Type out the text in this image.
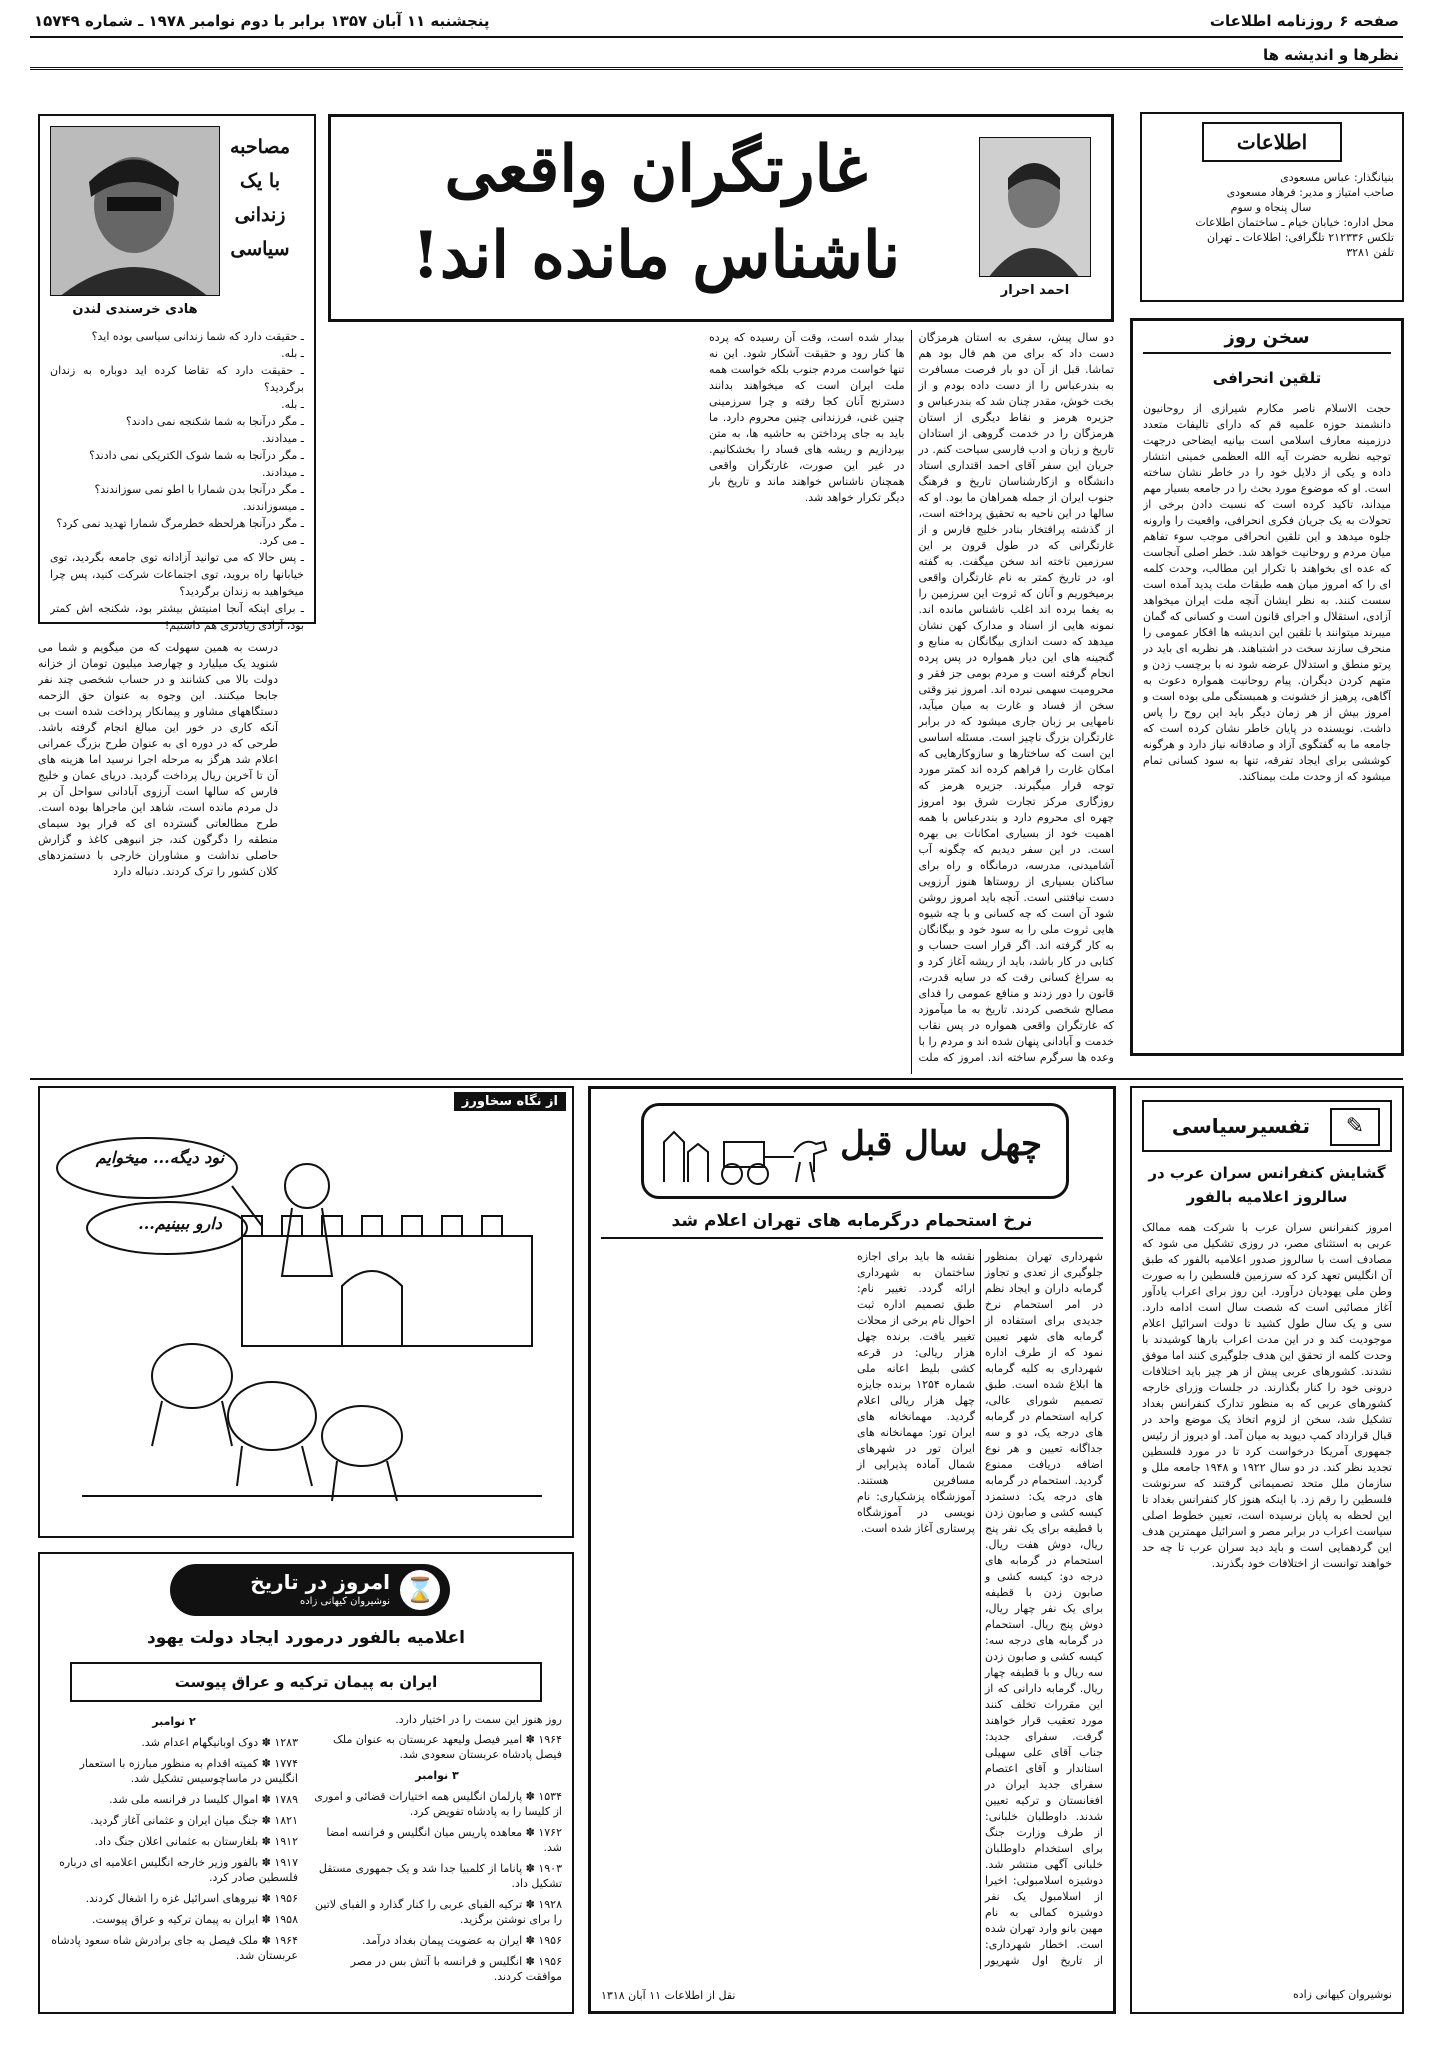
صفحه ۶
روزنامه اطلاعات
پنجشنبه ۱۱ آبان ۱۳۵۷ برابر با دوم نوامبر ۱۹۷۸ ـ شماره ۱۵۷۴۹
نظرها و اندیشه ها
اطلاعات
بنیانگذار: عباس مسعودی
صاحب امتیاز و مدیر: فرهاد مسعودی
سال پنجاه و سوم
محل اداره: خیابان خیام ـ ساختمان اطلاعات
تلکس ۲۱۲۳۳۶ تلگرافی: اطلاعات ـ تهران
تلفن ۳۲۸۱
سخن روز
تلقین انحرافی
حجت الاسلام ناصر مکارم شیرازی از روحانیون دانشمند حوزه علمیه قم که دارای تالیفات متعدد درزمینه معارف اسلامی است بیانیه ایضاحی درجهت توجیه نظریه حضرت آیه الله العظمی خمینی انتشار داده و یکی از دلایل خود را در خاطر نشان ساخته است. او که موضوع مورد بحث را در جامعه بسیار مهم میداند، تاکید کرده است که نسبت دادن برخی از تحولات به یک جریان فکری انحرافی، واقعیت را وارونه جلوه میدهد و این تلقین انحرافی موجب سوء تفاهم میان مردم و روحانیت خواهد شد. خطر اصلی آنجاست که عده ای بخواهند با تکرار این مطالب، وحدت کلمه ای را که امروز میان همه طبقات ملت پدید آمده است سست کنند. به نظر ایشان آنچه ملت ایران میخواهد آزادی، استقلال و اجرای قانون است و کسانی که گمان میبرند میتوانند با تلقین این اندیشه ها افکار عمومی را منحرف سازند سخت در اشتباهند. هر نظریه ای باید در پرتو منطق و استدلال عرضه شود نه با برچسب زدن و متهم کردن دیگران. پیام روحانیت همواره دعوت به آگاهی، پرهیز از خشونت و همبستگی ملی بوده است و امروز بیش از هر زمان دیگر باید این روح را پاس داشت. نویسنده در پایان خاطر نشان کرده است که جامعه ما به گفتگوی آزاد و صادقانه نیاز دارد و هرگونه کوششی برای ایجاد تفرقه، تنها به سود کسانی تمام میشود که از وحدت ملت بیمناکند.
احمد احرار
غارتگران واقعی
ناشناس مانده اند!
دو سال پیش، سفری به استان هرمزگان دست داد که برای من هم فال بود هم تماشا. قبل از آن دو بار فرصت مسافرت به بندرعباس را از دست داده بودم و از بخت خوش، مقدر چنان شد که بندرعباس و جزیره هرمز و نقاط دیگری از استان هرمزگان را در خدمت گروهی از استادان تاریخ و زبان و ادب فارسی سیاحت کنم. در جریان این سفر آقای احمد اقتداری استاد دانشگاه و ازکارشناسان تاریخ و فرهنگ جنوب ایران از جمله همراهان ما بود. او که سالها در این ناحیه به تحقیق پرداخته است، از گذشته پرافتخار بنادر خلیج فارس و از غارتگرانی که در طول قرون بر این سرزمین تاخته اند سخن میگفت. به گفته او، در تاریخ کمتر به نام غارتگران واقعی برمیخوریم و آنان که ثروت این سرزمین را به یغما برده اند اغلب ناشناس مانده اند. نمونه هایی از اسناد و مدارک کهن نشان میدهد که دست اندازی بیگانگان به منابع و گنجینه های این دیار همواره در پس پرده انجام گرفته است و مردم بومی جز فقر و محرومیت سهمی نبرده اند. امروز نیز وقتی سخن از فساد و غارت به میان میآید، نامهایی بر زبان جاری میشود که در برابر غارتگران بزرگ ناچیز است. مسئله اساسی این است که ساختارها و سازوکارهایی که امکان غارت را فراهم کرده اند کمتر مورد توجه قرار میگیرند. جزیره هرمز که روزگاری مرکز تجارت شرق بود امروز چهره ای محروم دارد و بندرعباس با همه اهمیت خود از بسیاری امکانات بی بهره است. در این سفر دیدیم که چگونه آب آشامیدنی، مدرسه، درمانگاه و راه برای ساکنان بسیاری از روستاها هنوز آرزویی دست نیافتنی است. آنچه باید امروز روشن شود آن است که چه کسانی و با چه شیوه هایی ثروت ملی را به سود خود و بیگانگان به کار گرفته اند. اگر قرار است حساب و کتابی در کار باشد، باید از ریشه آغاز کرد و به سراغ کسانی رفت که در سایه قدرت، قانون را دور زدند و منافع عمومی را فدای مصالح شخصی کردند. تاریخ به ما میآموزد که غارتگران واقعی همواره در پس نقاب خدمت و آبادانی پنهان شده اند و مردم را با وعده ها سرگرم ساخته اند. امروز که ملت بیدار شده است، وقت آن رسیده که پرده ها کنار رود و حقیقت آشکار شود. این نه تنها خواست مردم جنوب بلکه خواست همه ملت ایران است که میخواهند بدانند دسترنج آنان کجا رفته و چرا سرزمینی چنین غنی، فرزندانی چنین محروم دارد. ما باید به جای پرداختن به حاشیه ها، به متن بپردازیم و ریشه های فساد را بخشکانیم. در غیر این صورت، غارتگران واقعی همچنان ناشناس خواهند ماند و تاریخ بار دیگر تکرار خواهد شد.
مصاحبه
با یک
زندانی
سیاسی
هادی خرسندی لندن
ـ حقیقت دارد که شما زندانی سیاسی بوده اید؟
ـ بله.
ـ حقیقت دارد که تقاضا کرده اید دوباره به زندان برگردید؟
ـ بله.
ـ مگر درآنجا به شما شکنجه نمی دادند؟
ـ میدادند.
ـ مگر درآنجا به شما شوک الکتریکی نمی دادند؟
ـ میدادند.
ـ مگر درآنجا بدن شمارا با اطو نمی سوزاندند؟
ـ میسوزاندند.
ـ مگر درآنجا هرلحظه خطرمرگ شمارا تهدید نمی کرد؟
ـ می کرد.
ـ پس حالا که می توانید آزادانه توی جامعه بگردید، توی خیابانها راه بروید، توی اجتماعات شرکت کنید، پس چرا میخواهید به زندان برگردید؟
ـ برای اینکه آنجا امنیتش بیشتر بود، شکنجه اش کمتر بود، آزادی زیادتری هم داشتیم!
درست به همین سهولت که من میگویم و شما می شنوید یک میلیارد و چهارصد میلیون تومان از خزانه دولت بالا می کشانند و در حساب شخصی چند نفر جابجا میکنند. این وجوه به عنوان حق الزحمه دستگاههای مشاور و پیمانکار پرداخت شده است بی آنکه کاری در خور این مبالغ انجام گرفته باشد. طرحی که در دوره ای به عنوان طرح بزرگ عمرانی اعلام شد هرگز به مرحله اجرا نرسید اما هزینه های آن تا آخرین ریال پرداخت گردید. دریای عمان و خلیج فارس که سالها است آرزوی آبادانی سواحل آن بر دل مردم مانده است، شاهد این ماجراها بوده است. طرح مطالعاتی گسترده ای که قرار بود سیمای منطقه را دگرگون کند، جز انبوهی کاغذ و گزارش حاصلی نداشت و مشاوران خارجی با دستمزدهای کلان کشور را ترک کردند. دنباله دارد
از نگاه سخاورز
نود دیگه... میخوایم
دارو ببینیم...
امروز در تاریخ
نوشیروان کیهانی زاده ⌛
اعلامیه بالفور درمورد ایجاد دولت یهود
ایران به پیمان ترکیه و عراق پیوست
روز هنوز این سمت را در اختیار دارد.
۱۹۶۴ ✽ امیر فیصل ولیعهد عربستان به عنوان ملک فیصل پادشاه عربستان سعودی شد.
۳ نوامبر
۱۵۳۴ ✽ پارلمان انگلیس همه اختیارات قضائی و اموری از کلیسا را به پادشاه تفویض کرد.
۱۷۶۲ ✽ معاهده پاریس میان انگلیس و فرانسه امضا شد.
۱۹۰۳ ✽ پاناما از کلمبیا جدا شد و یک جمهوری مستقل تشکیل داد.
۱۹۲۸ ✽ ترکیه الفبای عربی را کنار گذارد و الفبای لاتین را برای نوشتن برگزید.
۱۹۵۶ ✽ ایران به عضویت پیمان بغداد درآمد.
۱۹۵۶ ✽ انگلیس و فرانسه با آتش بس در مصر موافقت کردند.
۲ نوامبر
۱۲۸۳ ✽ دوک اوبانیگهام اعدام شد.
۱۷۷۴ ✽ کمیته اقدام به منظور مبارزه با استعمار انگلیس در ماساچوسیس تشکیل شد.
۱۷۸۹ ✽ اموال کلیسا در فرانسه ملی شد.
۱۸۲۱ ✽ جنگ میان ایران و عثمانی آغاز گردید.
۱۹۱۲ ✽ بلغارستان به عثمانی اعلان جنگ داد.
۱۹۱۷ ✽ بالفور وزیر خارجه انگلیس اعلامیه ای درباره فلسطین صادر کرد.
۱۹۵۶ ✽ نیروهای اسرائیل غزه را اشغال کردند.
۱۹۵۸ ✽ ایران به پیمان ترکیه و عراق پیوست.
۱۹۶۴ ✽ ملک فیصل به جای برادرش شاه سعود پادشاه عربستان شد.
چهل سال قبل
نرخ استحمام درگرمابه های تهران اعلام شد
شهرداری تهران بمنظور جلوگیری از تعدی و تجاوز گرمابه داران و ایجاد نظم در امر استحمام نرخ جدیدی برای استفاده از گرمابه های شهر تعیین نمود که از طرف اداره شهرداری به کلیه گرمابه ها ابلاغ شده است. طبق تصمیم شورای عالی، کرایه استحمام در گرمابه های درجه یک، دو و سه جداگانه تعیین و هر نوع اضافه دریافت ممنوع گردید. استحمام در گرمابه های درجه یک: دستمزد کیسه کشی و صابون زدن با قطیفه برای یک نفر پنج ریال، دوش هفت ریال. استحمام در گرمابه های درجه دو: کیسه کشی و صابون زدن با قطیفه برای یک نفر چهار ریال، دوش پنج ریال. استحمام در گرمابه های درجه سه: کیسه کشی و صابون زدن سه ریال و با قطیفه چهار ریال. گرمابه دارانی که از این مقررات تخلف کنند مورد تعقیب قرار خواهند گرفت. سفرای جدید: جناب آقای علی سهیلی استاندار و آقای اعتصام سفرای جدید ایران در افغانستان و ترکیه تعیین شدند. داوطلبان خلبانی: از طرف وزارت جنگ برای استخدام داوطلبان خلبانی آگهی منتشر شد. دوشیزه اسلامبولی: اخیرا از اسلامبول یک نفر دوشیزه کمالی به نام مهین بانو وارد تهران شده است. اخطار شهرداری: از تاریخ اول شهریور نقشه ها باید برای اجازه ساختمان به شهرداری ارائه گردد. تغییر نام: طبق تصمیم اداره ثبت احوال نام برخی از محلات تغییر یافت. برنده چهل هزار ریالی: در قرعه کشی بلیط اعانه ملی شماره ۱۲۵۴ برنده جایزه چهل هزار ریالی اعلام گردید. مهمانخانه های ایران تور: مهمانخانه های ایران تور در شهرهای شمال آماده پذیرایی از مسافرین هستند. آموزشگاه پزشکیاری: نام نویسی در آموزشگاه پرستاری آغاز شده است.
نقل از اطلاعات ۱۱ آبان ۱۳۱۸
تفسیرسیاسی	✎
گشایش کنفرانس سران عرب در
سالروز اعلامیه بالفور
امروز کنفرانس سران عرب با شرکت همه ممالک عربی به استثنای مصر، در روزی تشکیل می شود که مصادف است با سالروز صدور اعلامیه بالفور که طبق آن انگلیس تعهد کرد که سرزمین فلسطین را به صورت وطن ملی یهودیان درآورد. این روز برای اعراب یادآور آغاز مصائبی است که شصت سال است ادامه دارد. سی و یک سال طول کشید تا دولت اسرائیل اعلام موجودیت کند و در این مدت اعراب بارها کوشیدند با وحدت کلمه از تحقق این هدف جلوگیری کنند اما موفق نشدند. کشورهای عربی پیش از هر چیز باید اختلافات درونی خود را کنار بگذارند. در جلسات وزرای خارجه کشورهای عربی که به منظور تدارک کنفرانس بغداد تشکیل شد، سخن از لزوم اتخاذ یک موضع واحد در قبال قرارداد کمپ دیوید به میان آمد. او دیروز از رئیس جمهوری آمریکا درخواست کرد تا در مورد فلسطین تجدید نظر کند. در دو سال ۱۹۲۲ و ۱۹۴۸ جامعه ملل و سازمان ملل متحد تصمیماتی گرفتند که سرنوشت فلسطین را رقم زد. با اینکه هنوز کار کنفرانس بغداد تا این لحظه به پایان نرسیده است، تعیین خطوط اصلی سیاست اعراب در برابر مصر و اسرائیل مهمترین هدف این گردهمایی است و باید دید سران عرب تا چه حد خواهند توانست از اختلافات خود بگذرند.
نوشیروان کیهانی زاده
